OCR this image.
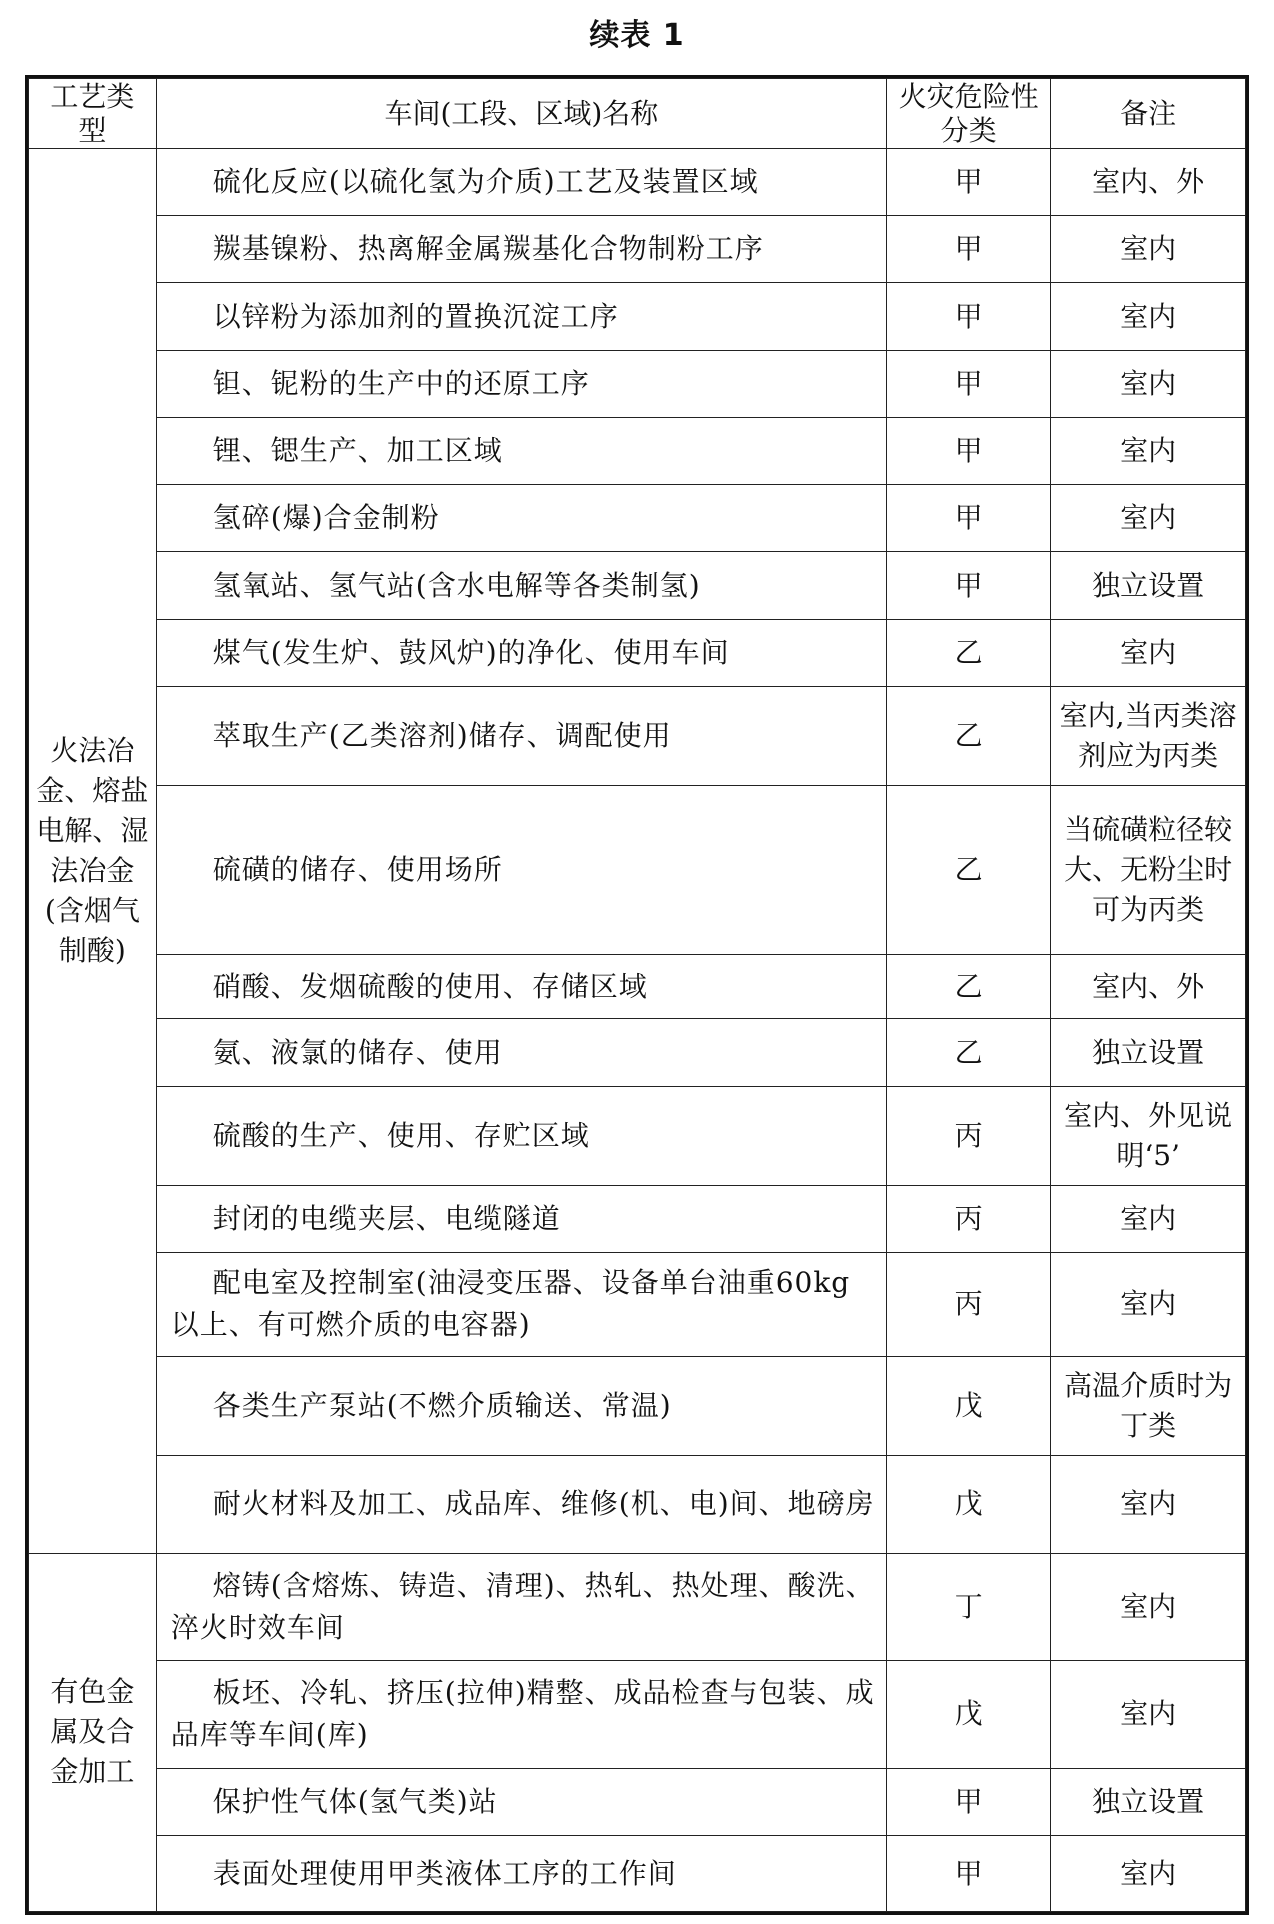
续表 1
工艺类型	车间(工段、区域)名称	火灾危险性分类	备注
火法冶金、熔盐电解、湿法冶金(含烟气制酸)	硫化反应(以硫化氢为介质)工艺及装置区域	甲	室内、外
	羰基镍粉、热离解金属羰基化合物制粉工序	甲	室内
	以锌粉为添加剂的置换沉淀工序	甲	室内
	钽、铌粉的生产中的还原工序	甲	室内
	锂、锶生产、加工区域	甲	室内
	氢碎(爆)合金制粉	甲	室内
	氢氧站、氢气站(含水电解等各类制氢)	甲	独立设置
	煤气(发生炉、鼓风炉)的净化、使用车间	乙	室内
	萃取生产(乙类溶剂)储存、调配使用	乙	室内,当丙类溶剂应为丙类
	硫磺的储存、使用场所	乙	当硫磺粒径较大、无粉尘时可为丙类
	硝酸、发烟硫酸的使用、存储区域	乙	室内、外
	氨、液氯的储存、使用	乙	独立设置
	硫酸的生产、使用、存贮区域	丙	室内、外见说明‘5’
	封闭的电缆夹层、电缆隧道	丙	室内
	配电室及控制室(油浸变压器、设备单台油重60kg 以上、有可燃介质的电容器)	丙	室内
	各类生产泵站(不燃介质输送、常温)	戊	高温介质时为丁类
	耐火材料及加工、成品库、维修(机、电)间、地磅房	戊	室内
有色金属及合金加工	熔铸(含熔炼、铸造、清理)、热轧、热处理、酸洗、淬火时效车间	丁	室内
	板坯、冷轧、挤压(拉伸)精整、成品检查与包装、成品库等车间(库)	戊	室内
	保护性气体(氢气类)站	甲	独立设置
	表面处理使用甲类液体工序的工作间	甲	室内
